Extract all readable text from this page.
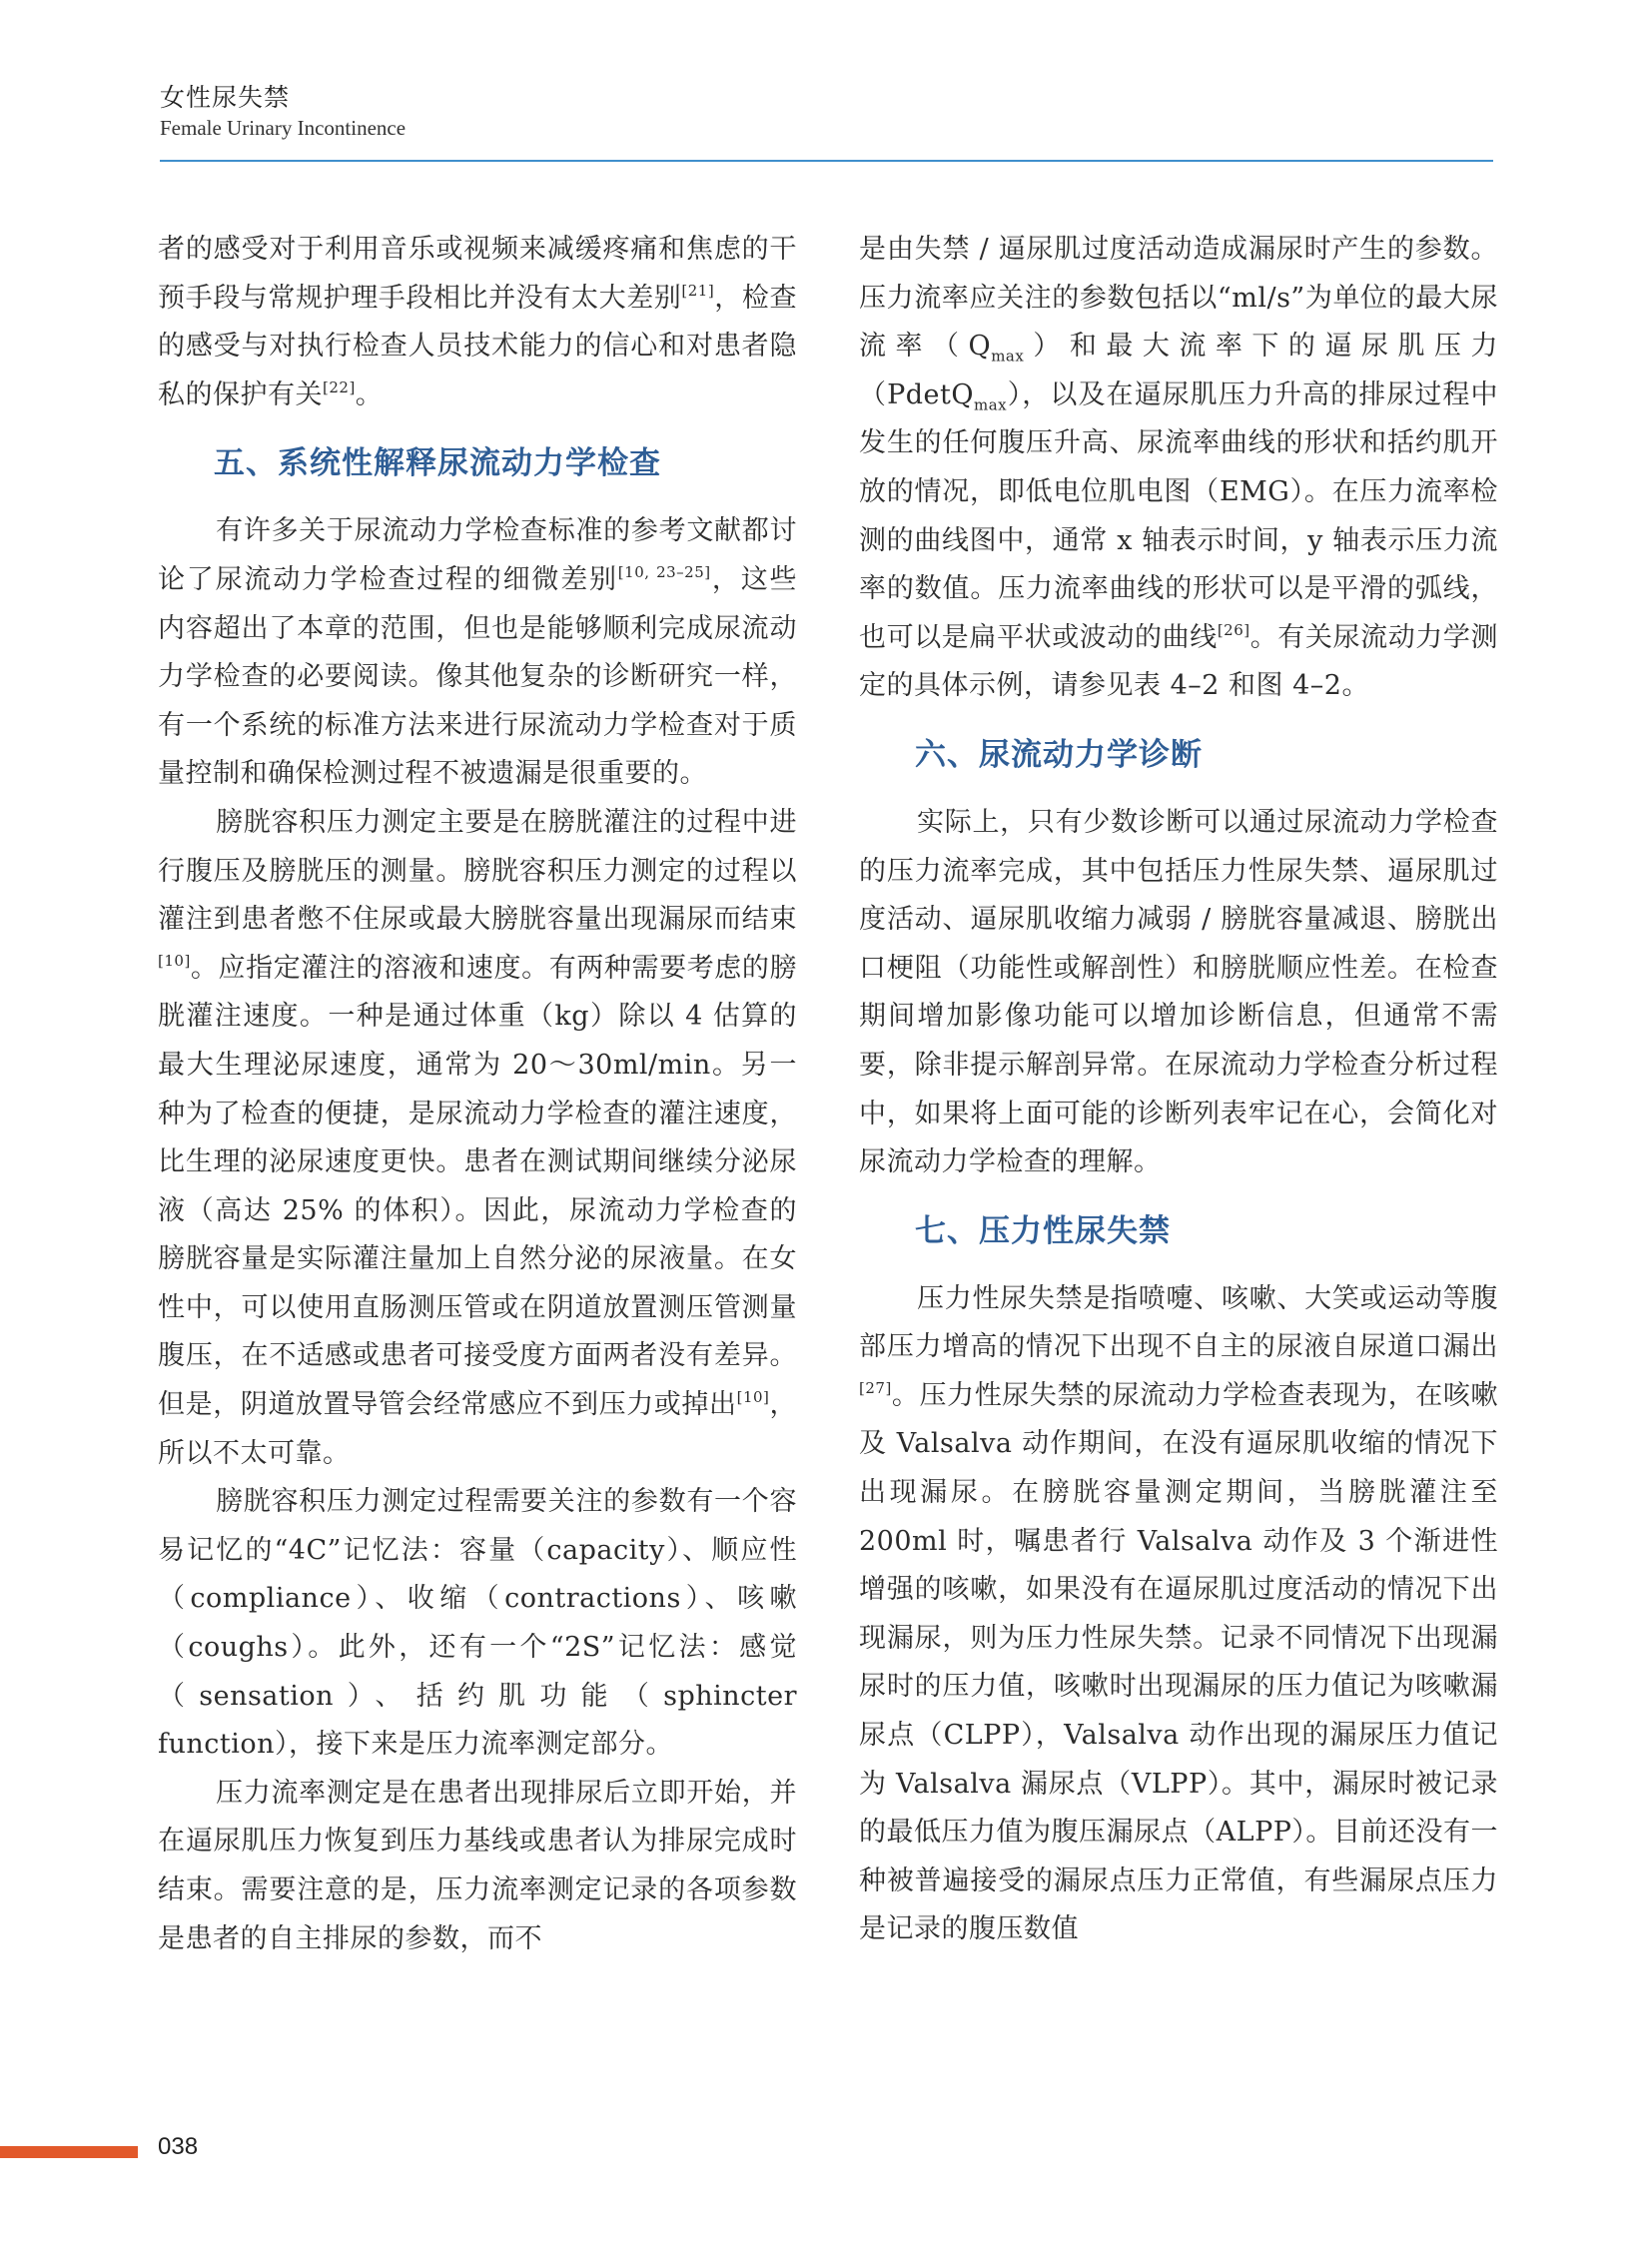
女性尿失禁
Female Urinary Incontinence

者的感受对于利用音乐或视频来减缓疼痛和焦虑的干预手段与常规护理手段相比并没有太大差别[21]，检查的感受与对执行检查人员技术能力的信心和对患者隐私的保护有关[22]。

五、系统性解释尿流动力学检查

有许多关于尿流动力学检查标准的参考文献都讨论了尿流动力学检查过程的细微差别[10, 23–25]，这些内容超出了本章的范围，但也是能够顺利完成尿流动力学检查的必要阅读。像其他复杂的诊断研究一样，有一个系统的标准方法来进行尿流动力学检查对于质量控制和确保检测过程不被遗漏是很重要的。

膀胱容积压力测定主要是在膀胱灌注的过程中进行腹压及膀胱压的测量。膀胱容积压力测定的过程以灌注到患者憋不住尿或最大膀胱容量出现漏尿而结束[10]。应指定灌注的溶液和速度。有两种需要考虑的膀胱灌注速度。一种是通过体重（kg）除以 4 估算的最大生理泌尿速度，通常为 20～30ml/min。另一种为了检查的便捷，是尿流动力学检查的灌注速度，比生理的泌尿速度更快。患者在测试期间继续分泌尿液（高达 25% 的体积）。因此，尿流动力学检查的膀胱容量是实际灌注量加上自然分泌的尿液量。在女性中，可以使用直肠测压管或在阴道放置测压管测量腹压，在不适感或患者可接受度方面两者没有差异。但是，阴道放置导管会经常感应不到压力或掉出[10]，所以不太可靠。

膀胱容积压力测定过程需要关注的参数有一个容易记忆的“4C”记忆法：容量（capacity）、顺应性（compliance）、收缩（contractions）、咳嗽（coughs）。此外，还有一个“2S”记忆法：感觉（sensation）、括约肌功能（sphincter function），接下来是压力流率测定部分。

压力流率测定是在患者出现排尿后立即开始，并在逼尿肌压力恢复到压力基线或患者认为排尿完成时结束。需要注意的是，压力流率测定记录的各项参数是患者的自主排尿的参数，而不

是由失禁 / 逼尿肌过度活动造成漏尿时产生的参数。压力流率应关注的参数包括以“ml/s”为单位的最大尿流率$(Q_{max})$和最大流率下的逼尿肌压力（PdetQ$_{max}$），以及在逼尿肌压力升高的排尿过程中发生的任何腹压升高、尿流率曲线的形状和括约肌开放的情况，即低电位肌电图（EMG）。在压力流率检测的曲线图中，通常 x 轴表示时间，y 轴表示压力流率的数值。压力流率曲线的形状可以是平滑的弧线，也可以是扁平状或波动的曲线[26]。有关尿流动力学测定的具体示例，请参见表 4–2 和图 4–2。

六、尿流动力学诊断

实际上，只有少数诊断可以通过尿流动力学检查的压力流率完成，其中包括压力性尿失禁、逼尿肌过度活动、逼尿肌收缩力减弱 / 膀胱容量减退、膀胱出口梗阻（功能性或解剖性）和膀胱顺应性差。在检查期间增加影像功能可以增加诊断信息，但通常不需要，除非提示解剖异常。在尿流动力学检查分析过程中，如果将上面可能的诊断列表牢记在心，会简化对尿流动力学检查的理解。

七、压力性尿失禁

压力性尿失禁是指喷嚏、咳嗽、大笑或运动等腹部压力增高的情况下出现不自主的尿液自尿道口漏出[27]。压力性尿失禁的尿流动力学检查表现为，在咳嗽及 Valsalva 动作期间，在没有逼尿肌收缩的情况下出现漏尿。在膀胱容量测定期间，当膀胱灌注至 200ml 时，嘱患者行 Valsalva 动作及 3 个渐进性增强的咳嗽，如果没有在逼尿肌过度活动的情况下出现漏尿，则为压力性尿失禁。记录不同情况下出现漏尿时的压力值，咳嗽时出现漏尿的压力值记为咳嗽漏尿点（CLPP），Valsalva 动作出现的漏尿压力值记为 Valsalva 漏尿点（VLPP）。其中，漏尿时被记录的最低压力值为腹压漏尿点（ALPP）。目前还没有一种被普遍接受的漏尿点压力正常值，有些漏尿点压力是记录的腹压数值

038
